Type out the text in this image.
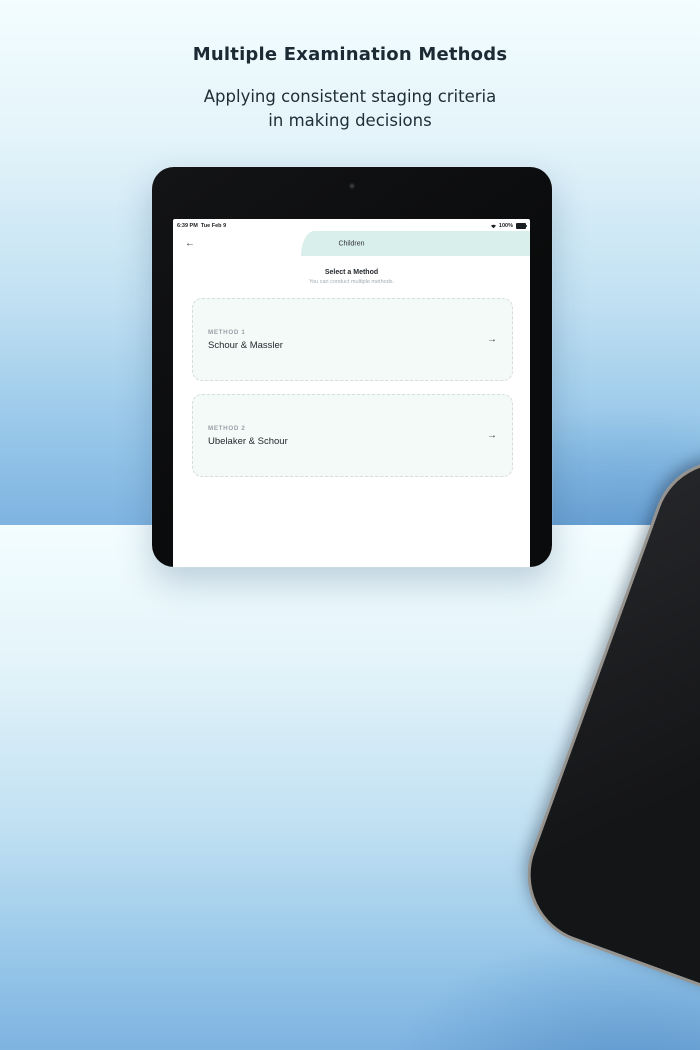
Multiple Examination Methods

Applying consistent staging criteria
in making decisions

6:39 PM Tue Feb 9	100%
←	Children
Select a Method
You can conduct multiple methods.
METHOD 1
Schour & Massler
→
METHOD 2
Ubelaker & Schour
→
